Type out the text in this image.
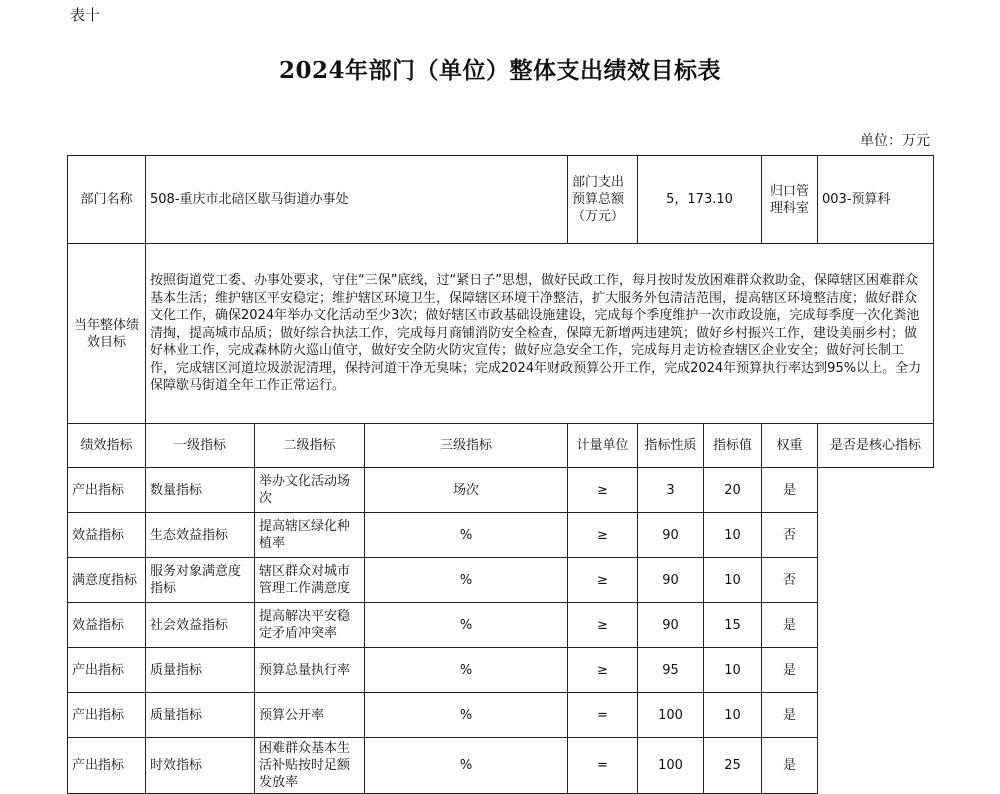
表十
2024年部门（单位）整体支出绩效目标表
单位：万元
部门名称	508-重庆市北碚区歇马街道办事处			部门支出预算总额（万元）	5，173.10		归口管理科室	003-预算科
当年整体绩效目标	按照街道党工委、办事处要求，守住“三保”底线，过“紧日子”思想，做好民政工作，每月按时发放困难群众救助金，保障辖区困难群众基本生活；维护辖区平安稳定；维护辖区环境卫生，保障辖区环境干净整洁，扩大服务外包清洁范围，提高辖区环境整洁度；做好群众文化工作，确保2024年举办文化活动至少3次；做好辖区市政基础设施建设，完成每个季度维护一次市政设施，完成每季度一次化粪池清掏，提高城市品质；做好综合执法工作，完成每月商铺消防安全检查，保障无新增两违建筑；做好乡村振兴工作，建设美丽乡村；做好林业工作，完成森林防火巡山值守，做好安全防火防灾宣传；做好应急安全工作，完成每月走访检查辖区企业安全；做好河长制工作，完成辖区河道垃圾淤泥清理，保持河道干净无臭味；完成2024年财政预算公开工作，完成2024年预算执行率达到95%以上。全力保障歇马街道全年工作正常运行。							
绩效指标	一级指标	二级指标	三级指标	计量单位	指标性质	指标值	权重	是否是核心指标
产出指标	数量指标	举办文化活动场次	场次	≥	3	20	是	
效益指标	生态效益指标	提高辖区绿化种植率	%	≥	90	10	否	
满意度指标	服务对象满意度指标	辖区群众对城市管理工作满意度	%	≥	90	10	否	
效益指标	社会效益指标	提高解决平安稳定矛盾冲突率	%	≥	90	15	是	
产出指标	质量指标	预算总量执行率	%	≥	95	10	是	
产出指标	质量指标	预算公开率	%	=	100	10	是	
产出指标	时效指标	困难群众基本生活补贴按时足额发放率	%	=	100	25	是	
